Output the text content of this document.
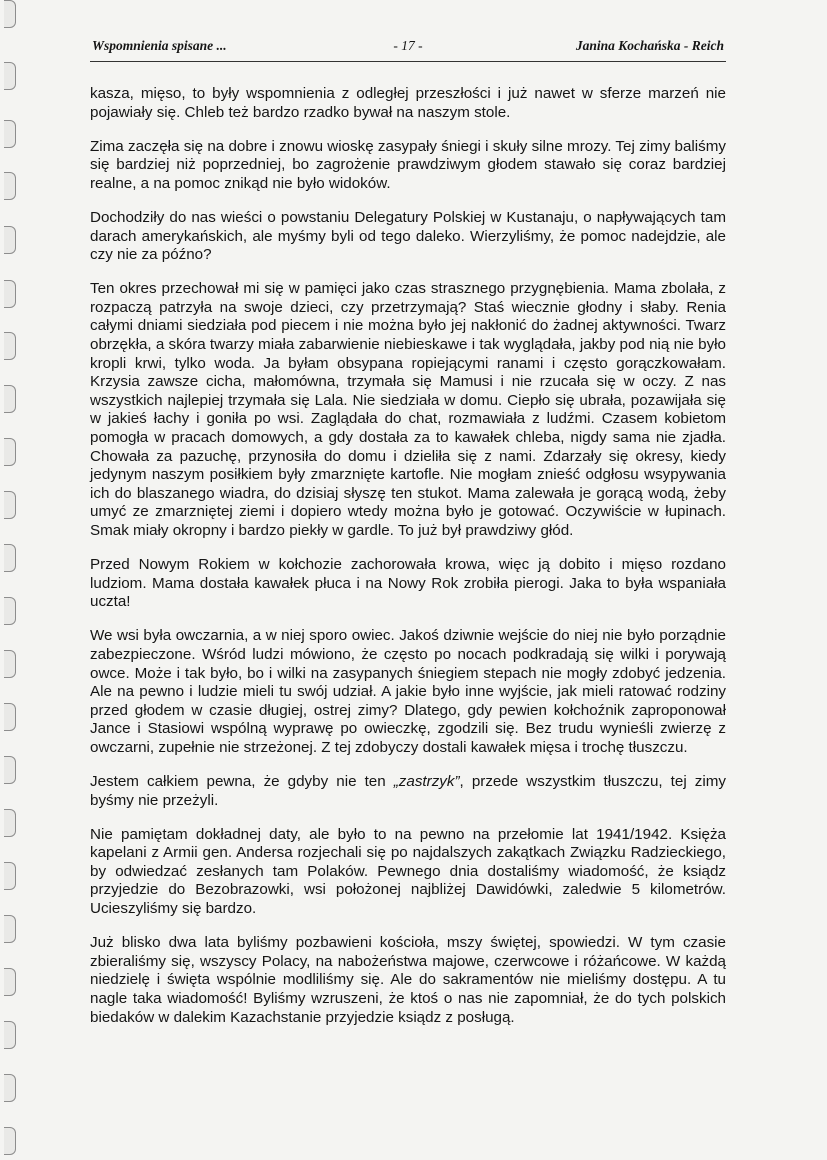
Wspomnienia spisane ...	- 17 -	Janina Kochańska - Reich

kasza, mięso, to były wspomnienia z odległej przeszłości i już nawet w sferze marzeń nie pojawiały się. Chleb też bardzo rzadko bywał na naszym stole.

Zima zaczęła się na dobre i znowu wioskę zasypały śniegi i skuły silne mrozy. Tej zimy baliśmy się bardziej niż poprzedniej, bo zagrożenie prawdziwym głodem stawało się coraz bardziej realne, a na pomoc znikąd nie było widoków.

Dochodziły do nas wieści o powstaniu Delegatury Polskiej w Kustanaju, o napływających tam darach amerykańskich, ale myśmy byli od tego daleko. Wierzyliśmy, że pomoc nadejdzie, ale czy nie za późno?

Ten okres przechował mi się w pamięci jako czas strasznego przygnębienia. Mama zbolała, z rozpaczą patrzyła na swoje dzieci, czy przetrzymają? Staś wiecznie głodny i słaby. Renia całymi dniami siedziała pod piecem i nie można było jej nakłonić do żadnej aktywności. Twarz obrzękła, a skóra twarzy miała zabarwienie niebieskawe i tak wyglądała, jakby pod nią nie było kropli krwi, tylko woda. Ja byłam obsypana ropiejącymi ranami i często gorączkowałam. Krzysia zawsze cicha, małomówna, trzymała się Mamusi i nie rzucała się w oczy. Z nas wszystkich najlepiej trzymała się Lala. Nie siedziała w domu. Ciepło się ubrała, pozawijała się w jakieś łachy i goniła po wsi. Zaglądała do chat, rozmawiała z ludźmi. Czasem kobietom pomogła w pracach domowych, a gdy dostała za to kawałek chleba, nigdy sama nie zjadła. Chowała za pazuchę, przynosiła do domu i dzieliła się z nami. Zdarzały się okresy, kiedy jedynym naszym posiłkiem były zmarznięte kartofle. Nie mogłam znieść odgłosu wsypywania ich do blaszanego wiadra, do dzisiaj słyszę ten stukot. Mama zalewała je gorącą wodą, żeby umyć ze zmarzniętej ziemi i dopiero wtedy można było je gotować. Oczywiście w łupinach. Smak miały okropny i bardzo piekły w gardle. To już był prawdziwy głód.

Przed Nowym Rokiem w kołchozie zachorowała krowa, więc ją dobito i mięso rozdano ludziom. Mama dostała kawałek płuca i na Nowy Rok zrobiła pierogi. Jaka to była wspaniała uczta!

We wsi była owczarnia, a w niej sporo owiec. Jakoś dziwnie wejście do niej nie było porządnie zabezpieczone. Wśród ludzi mówiono, że często po nocach podkradają się wilki i porywają owce. Może i tak było, bo i wilki na zasypanych śniegiem stepach nie mogły zdobyć jedzenia. Ale na pewno i ludzie mieli tu swój udział. A jakie było inne wyjście, jak mieli ratować rodziny przed głodem w czasie długiej, ostrej zimy? Dlatego, gdy pewien kołchoźnik zaproponował Jance i Stasiowi wspólną wyprawę po owieczkę, zgodzili się. Bez trudu wynieśli zwierzę z owczarni, zupełnie nie strzeżonej. Z tej zdobyczy dostali kawałek mięsa i trochę tłuszczu.

Jestem całkiem pewna, że gdyby nie ten „zastrzyk”, przede wszystkim tłuszczu, tej zimy byśmy nie przeżyli.

Nie pamiętam dokładnej daty, ale było to na pewno na przełomie lat 1941/1942. Księża kapelani z Armii gen. Andersa rozjechali się po najdalszych zakątkach Związku Radzieckiego, by odwiedzać zesłanych tam Polaków. Pewnego dnia dostaliśmy wiadomość, że ksiądz przyjedzie do Bezobrazowki, wsi położonej najbliżej Dawidówki, zaledwie 5 kilometrów. Ucieszyliśmy się bardzo.

Już blisko dwa lata byliśmy pozbawieni kościoła, mszy świętej, spowiedzi. W tym czasie zbieraliśmy się, wszyscy Polacy, na nabożeństwa majowe, czerwcowe i różańcowe. W każdą niedzielę i święta wspólnie modliliśmy się. Ale do sakramentów nie mieliśmy dostępu. A tu nagle taka wiadomość! Byliśmy wzruszeni, że ktoś o nas nie zapomniał, że do tych polskich biedaków w dalekim Kazachstanie przyjedzie ksiądz z posługą.
